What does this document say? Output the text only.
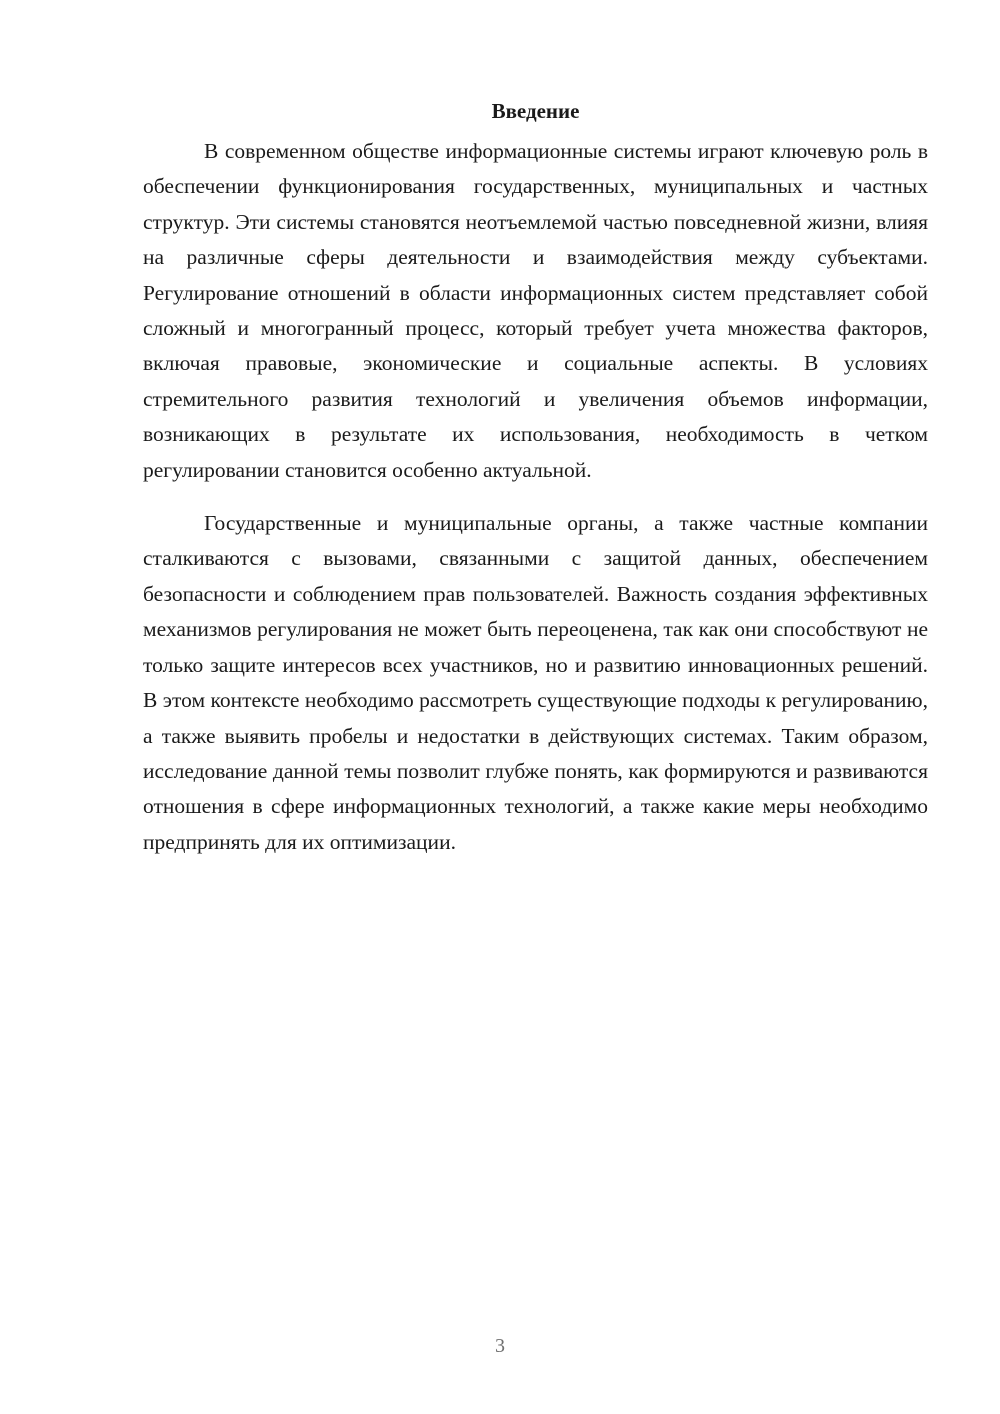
Введение

В современном обществе информационные системы играют ключевую роль в обеспечении функционирования государственных, муниципальных и частных структур. Эти системы становятся неотъемлемой частью повседневной жизни, влияя на различные сферы деятельности и взаимодействия между субъектами. Регулирование отношений в области информационных систем представляет собой сложный и многогранный процесс, который требует учета множества факторов, включая правовые, экономические и социальные аспекты. В условиях стремительного развития технологий и увеличения объемов информации, возникающих в результате их использования, необходимость в четком регулировании становится особенно актуальной.

Государственные и муниципальные органы, а также частные компании сталкиваются с вызовами, связанными с защитой данных, обеспечением безопасности и соблюдением прав пользователей. Важность создания эффективных механизмов регулирования не может быть переоценена, так как они способствуют не только защите интересов всех участников, но и развитию инновационных решений. В этом контексте необходимо рассмотреть существующие подходы к регулированию, а также выявить пробелы и недостатки в действующих системах. Таким образом, исследование данной темы позволит глубже понять, как формируются и развиваются отношения в сфере информационных технологий, а также какие меры необходимо предпринять для их оптимизации.

3
